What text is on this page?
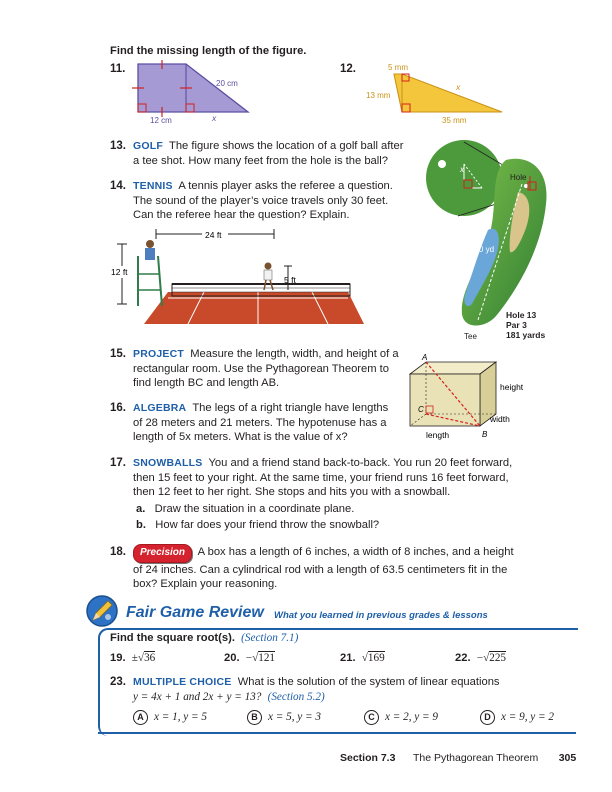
Find the missing length of the figure.
11.
20 cm
12 cm	x
12.	5 mm
13 mm
x
35 mm
13. GOLF The figure shows the location of a golf ball after a tee shot. How many feet from the hole is the ball?
14. TENNIS A tennis player asks the referee a question.
The sound of the player’s voice travels only 30 feet.
Can the referee hear the question? Explain.
24 ft
12 ft
5 ft
x
Hole
180 yd
Tee
Hole 13
Par 3
181 yards
15. PROJECT Measure the length, width, and height of a
rectangular room. Use the Pythagorean Theorem to
find length BC and length AB.
A
C
B
height
width
length
16. ALGEBRA The legs of a right triangle have lengths
of 28 meters and 21 meters. The hypotenuse has a
length of 5x meters. What is the value of x?
17. SNOWBALLS You and a friend stand back-to-back. You run 20 feet forward,
then 15 feet to your right. At the same time, your friend runs 16 feet forward,
then 12 feet to her right. She stops and hits you with a snowball.
a. Draw the situation in a coordinate plane.
b. How far does your friend throw the snowball?
18.	Precision A box has a length of 6 inches, a width of 8 inches, and a height
of 24 inches. Can a cylindrical rod with a length of 63.5 centimeters fit in the
box? Explain your reasoning.
Fair Game Review What you learned in previous grades & lessons
Find the square root(s). (Section 7.1)
19. ±√36	20. −√121	21. √169	22. −√225
23. MULTIPLE CHOICE What is the solution of the system of linear equations
y = 4x + 1 and 2x + y = 13? (Section 5.2)
A x = 1, y = 5	B x = 5, y = 3	C x = 2, y = 9	D x = 9, y = 2
Section 7.3 The Pythagorean Theorem 305
